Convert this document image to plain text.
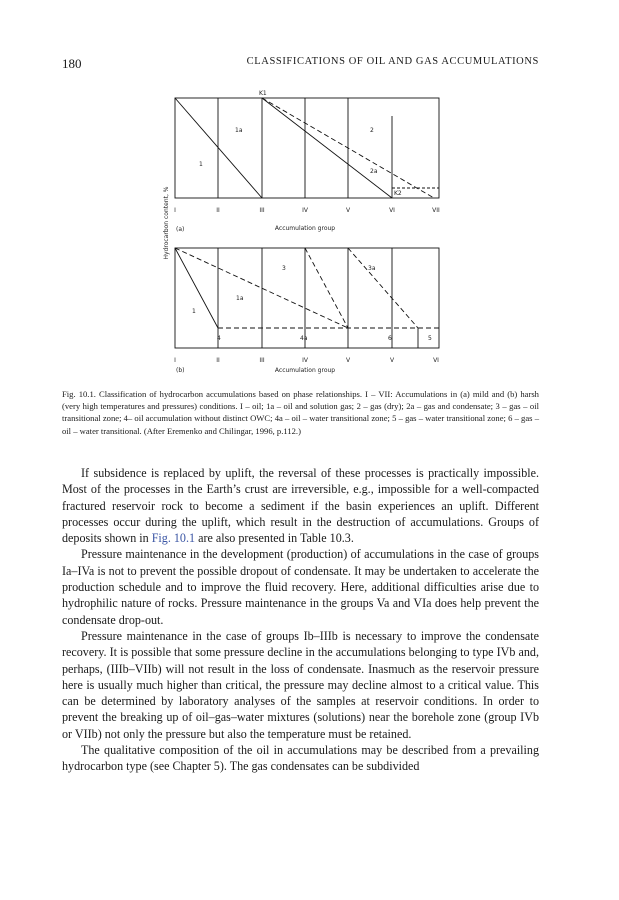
180	CLASSIFICATIONS OF OIL AND GAS ACCUMULATIONS
Hydrocarbon content, %
K1
K2
1
1a	2
2a
I	II	III	IV	V	VI	VII
(a)	Accumulation group
1
1a
3	3a
4	4a	6	5
I	II	III	IV	V	V	VI
(b)	Accumulation group
Fig. 10.1. Classification of hydrocarbon accumulations based on phase relationships. I – VII: Accumulations in (a) mild and (b) harsh (very high temperatures and pressures) conditions. I – oil; 1a – oil and solution gas; 2 – gas (dry); 2a – gas and condensate; 3 – gas – oil transitional zone; 4– oil accumulation without distinct OWC; 4a – oil – water transitional zone; 5 – gas – water transitional zone; 6 – gas – oil – water transitional. (After Eremenko and Chilingar, 1996, p.112.)

If subsidence is replaced by uplift, the reversal of these processes is practically impossible. Most of the processes in the Earth’s crust are irreversible, e.g., impossible for a well-compacted fractured reservoir rock to become a sediment if the basin experiences an uplift. Different processes occur during the uplift, which result in the destruction of accumulations. Groups of deposits shown in Fig. 10.1 are also presented in Table 10.3.

Pressure maintenance in the development (production) of accumulations in the case of groups Ia–IVa is not to prevent the possible dropout of condensate. It may be undertaken to accelerate the production schedule and to improve the fluid recovery. Here, additional difficulties arise due to hydrophilic nature of rocks. Pressure maintenance in the groups Va and VIa does help prevent the condensate drop-out.

Pressure maintenance in the case of groups Ib–IIIb is necessary to improve the condensate recovery. It is possible that some pressure decline in the accumulations belonging to type IVb and, perhaps, (IIIb–VIIb) will not result in the loss of condensate. Inasmuch as the reservoir pressure here is usually much higher than critical, the pressure may decline almost to a critical value. This can be determined by laboratory analyses of the samples at reservoir conditions. In order to prevent the breaking up of oil–gas–water mixtures (solutions) near the borehole zone (group IVb or VIIb) not only the pressure but also the temperature must be retained.

The qualitative composition of the oil in accumulations may be described from a prevailing hydrocarbon type (see Chapter 5). The gas condensates can be subdivided
